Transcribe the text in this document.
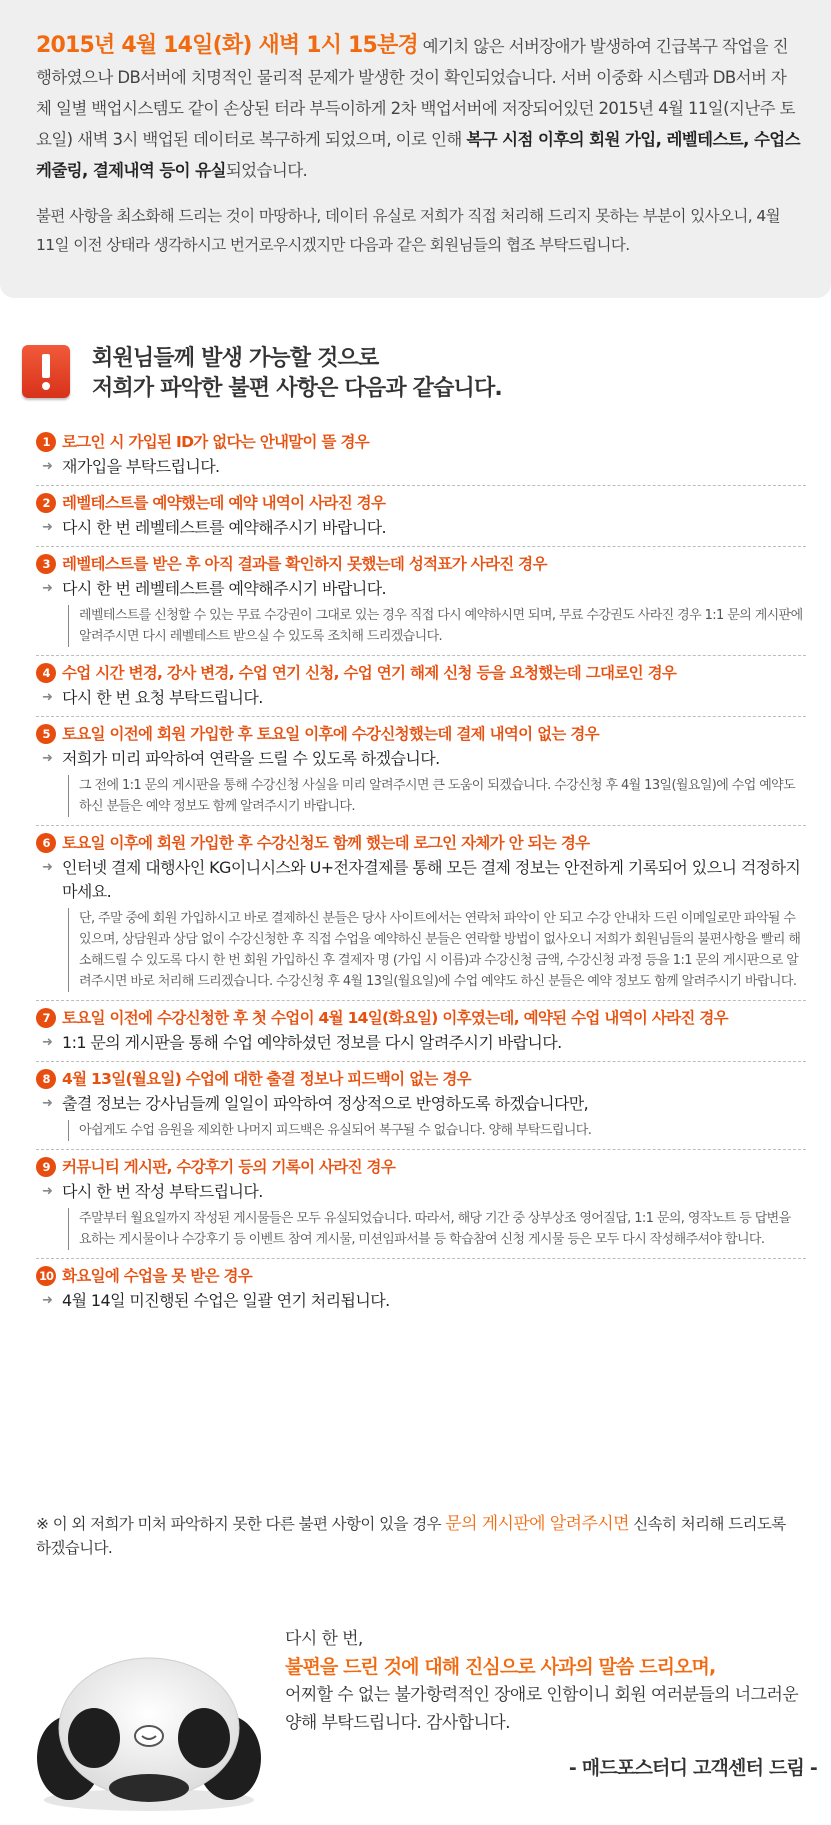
2015년 4월 14일(화) 새벽 1시 15분경 예기치 않은 서버장애가 발생하여 긴급복구 작업을 진행하였으나 DB서버에 치명적인 물리적 문제가 발생한 것이 확인되었습니다. 서버 이중화 시스템과 DB서버 자체 일별 백업시스템도 같이 손상된 터라 부득이하게 2차 백업서버에 저장되어있던 2015년 4월 11일(지난주 토요일) 새벽 3시 백업된 데이터로 복구하게 되었으며, 이로 인해 복구 시점 이후의 회원 가입, 레벨테스트, 수업스케줄링, 결제내역 등이 유실되었습니다.

불편 사항을 최소화해 드리는 것이 마땅하나, 데이터 유실로 저희가 직접 처리해 드리지 못하는 부분이 있사오니, 4월 11일 이전 상태라 생각하시고 번거로우시겠지만 다음과 같은 회원님들의 협조 부탁드립니다.

회원님들께 발생 가능할 것으로
저희가 파악한 불편 사항은 다음과 같습니다.
1 로그인 시 가입된 ID가 없다는 안내말이 뜰 경우
➜ 재가입을 부탁드립니다.
2 레벨테스트를 예약했는데 예약 내역이 사라진 경우
➜ 다시 한 번 레벨테스트를 예약해주시기 바랍니다.
3 레벨테스트를 받은 후 아직 결과를 확인하지 못했는데 성적표가 사라진 경우
➜ 다시 한 번 레벨테스트를 예약해주시기 바랍니다.
레벨테스트를 신청할 수 있는 무료 수강권이 그대로 있는 경우 직접 다시 예약하시면 되며, 무료 수강권도 사라진 경우 1:1 문의 게시판에 알려주시면 다시 레벨테스트 받으실 수 있도록 조치해 드리겠습니다.
4 수업 시간 변경, 강사 변경, 수업 연기 신청, 수업 연기 해제 신청 등을 요청했는데 그대로인 경우
➜ 다시 한 번 요청 부탁드립니다.
5 토요일 이전에 회원 가입한 후 토요일 이후에 수강신청했는데 결제 내역이 없는 경우
➜ 저희가 미리 파악하여 연락을 드릴 수 있도록 하겠습니다.
그 전에 1:1 문의 게시판을 통해 수강신청 사실을 미리 알려주시면 큰 도움이 되겠습니다. 수강신청 후 4월 13일(월요일)에 수업 예약도 하신 분들은 예약 정보도 함께 알려주시기 바랍니다.
6 토요일 이후에 회원 가입한 후 수강신청도 함께 했는데 로그인 자체가 안 되는 경우
➜ 인터넷 결제 대행사인 KG이니시스와 U+전자결제를 통해 모든 결제 정보는 안전하게 기록되어 있으니 걱정하지 마세요.
단, 주말 중에 회원 가입하시고 바로 결제하신 분들은 당사 사이트에서는 연락처 파악이 안 되고 수강 안내차 드린 이메일로만 파악될 수 있으며, 상담원과 상담 없이 수강신청한 후 직접 수업을 예약하신 분들은 연락할 방법이 없사오니 저희가 회원님들의 불편사항을 빨리 해소해드릴 수 있도록 다시 한 번 회원 가입하신 후 결제자 명 (가입 시 이름)과 수강신청 금액, 수강신청 과정 등을 1:1 문의 게시판으로 알려주시면 바로 처리해 드리겠습니다. 수강신청 후 4월 13일(월요일)에 수업 예약도 하신 분들은 예약 정보도 함께 알려주시기 바랍니다.
7 토요일 이전에 수강신청한 후 첫 수업이 4월 14일(화요일) 이후였는데, 예약된 수업 내역이 사라진 경우
➜ 1:1 문의 게시판을 통해 수업 예약하셨던 정보를 다시 알려주시기 바랍니다.
8 4월 13일(월요일) 수업에 대한 출결 정보나 피드백이 없는 경우
➜ 출결 정보는 강사님들께 일일이 파악하여 정상적으로 반영하도록 하겠습니다만,
아쉽게도 수업 음원을 제외한 나머지 피드백은 유실되어 복구될 수 없습니다. 양해 부탁드립니다.
9 커뮤니티 게시판, 수강후기 등의 기록이 사라진 경우
➜ 다시 한 번 작성 부탁드립니다.
주말부터 월요일까지 작성된 게시물들은 모두 유실되었습니다. 따라서, 해당 기간 중 상부상조 영어질답, 1:1 문의, 영작노트 등 답변을 요하는 게시물이나 수강후기 등 이벤트 참여 게시물, 미션임파서블 등 학습참여 신청 게시물 등은 모두 다시 작성해주셔야 합니다.
10 화요일에 수업을 못 받은 경우
➜ 4월 14일 미진행된 수업은 일괄 연기 처리됩니다.

※ 이 외 저희가 미처 파악하지 못한 다른 불편 사항이 있을 경우 문의 게시판에 알려주시면 신속히 처리해 드리도록 하겠습니다.

다시 한 번,

불편을 드린 것에 대해 진심으로 사과의 말씀 드리오며,

어찌할 수 없는 불가항력적인 장애로 인함이니 회원 여러분들의 너그러운 양해 부탁드립니다. 감사합니다.

- 매드포스터디 고객센터 드림 -
